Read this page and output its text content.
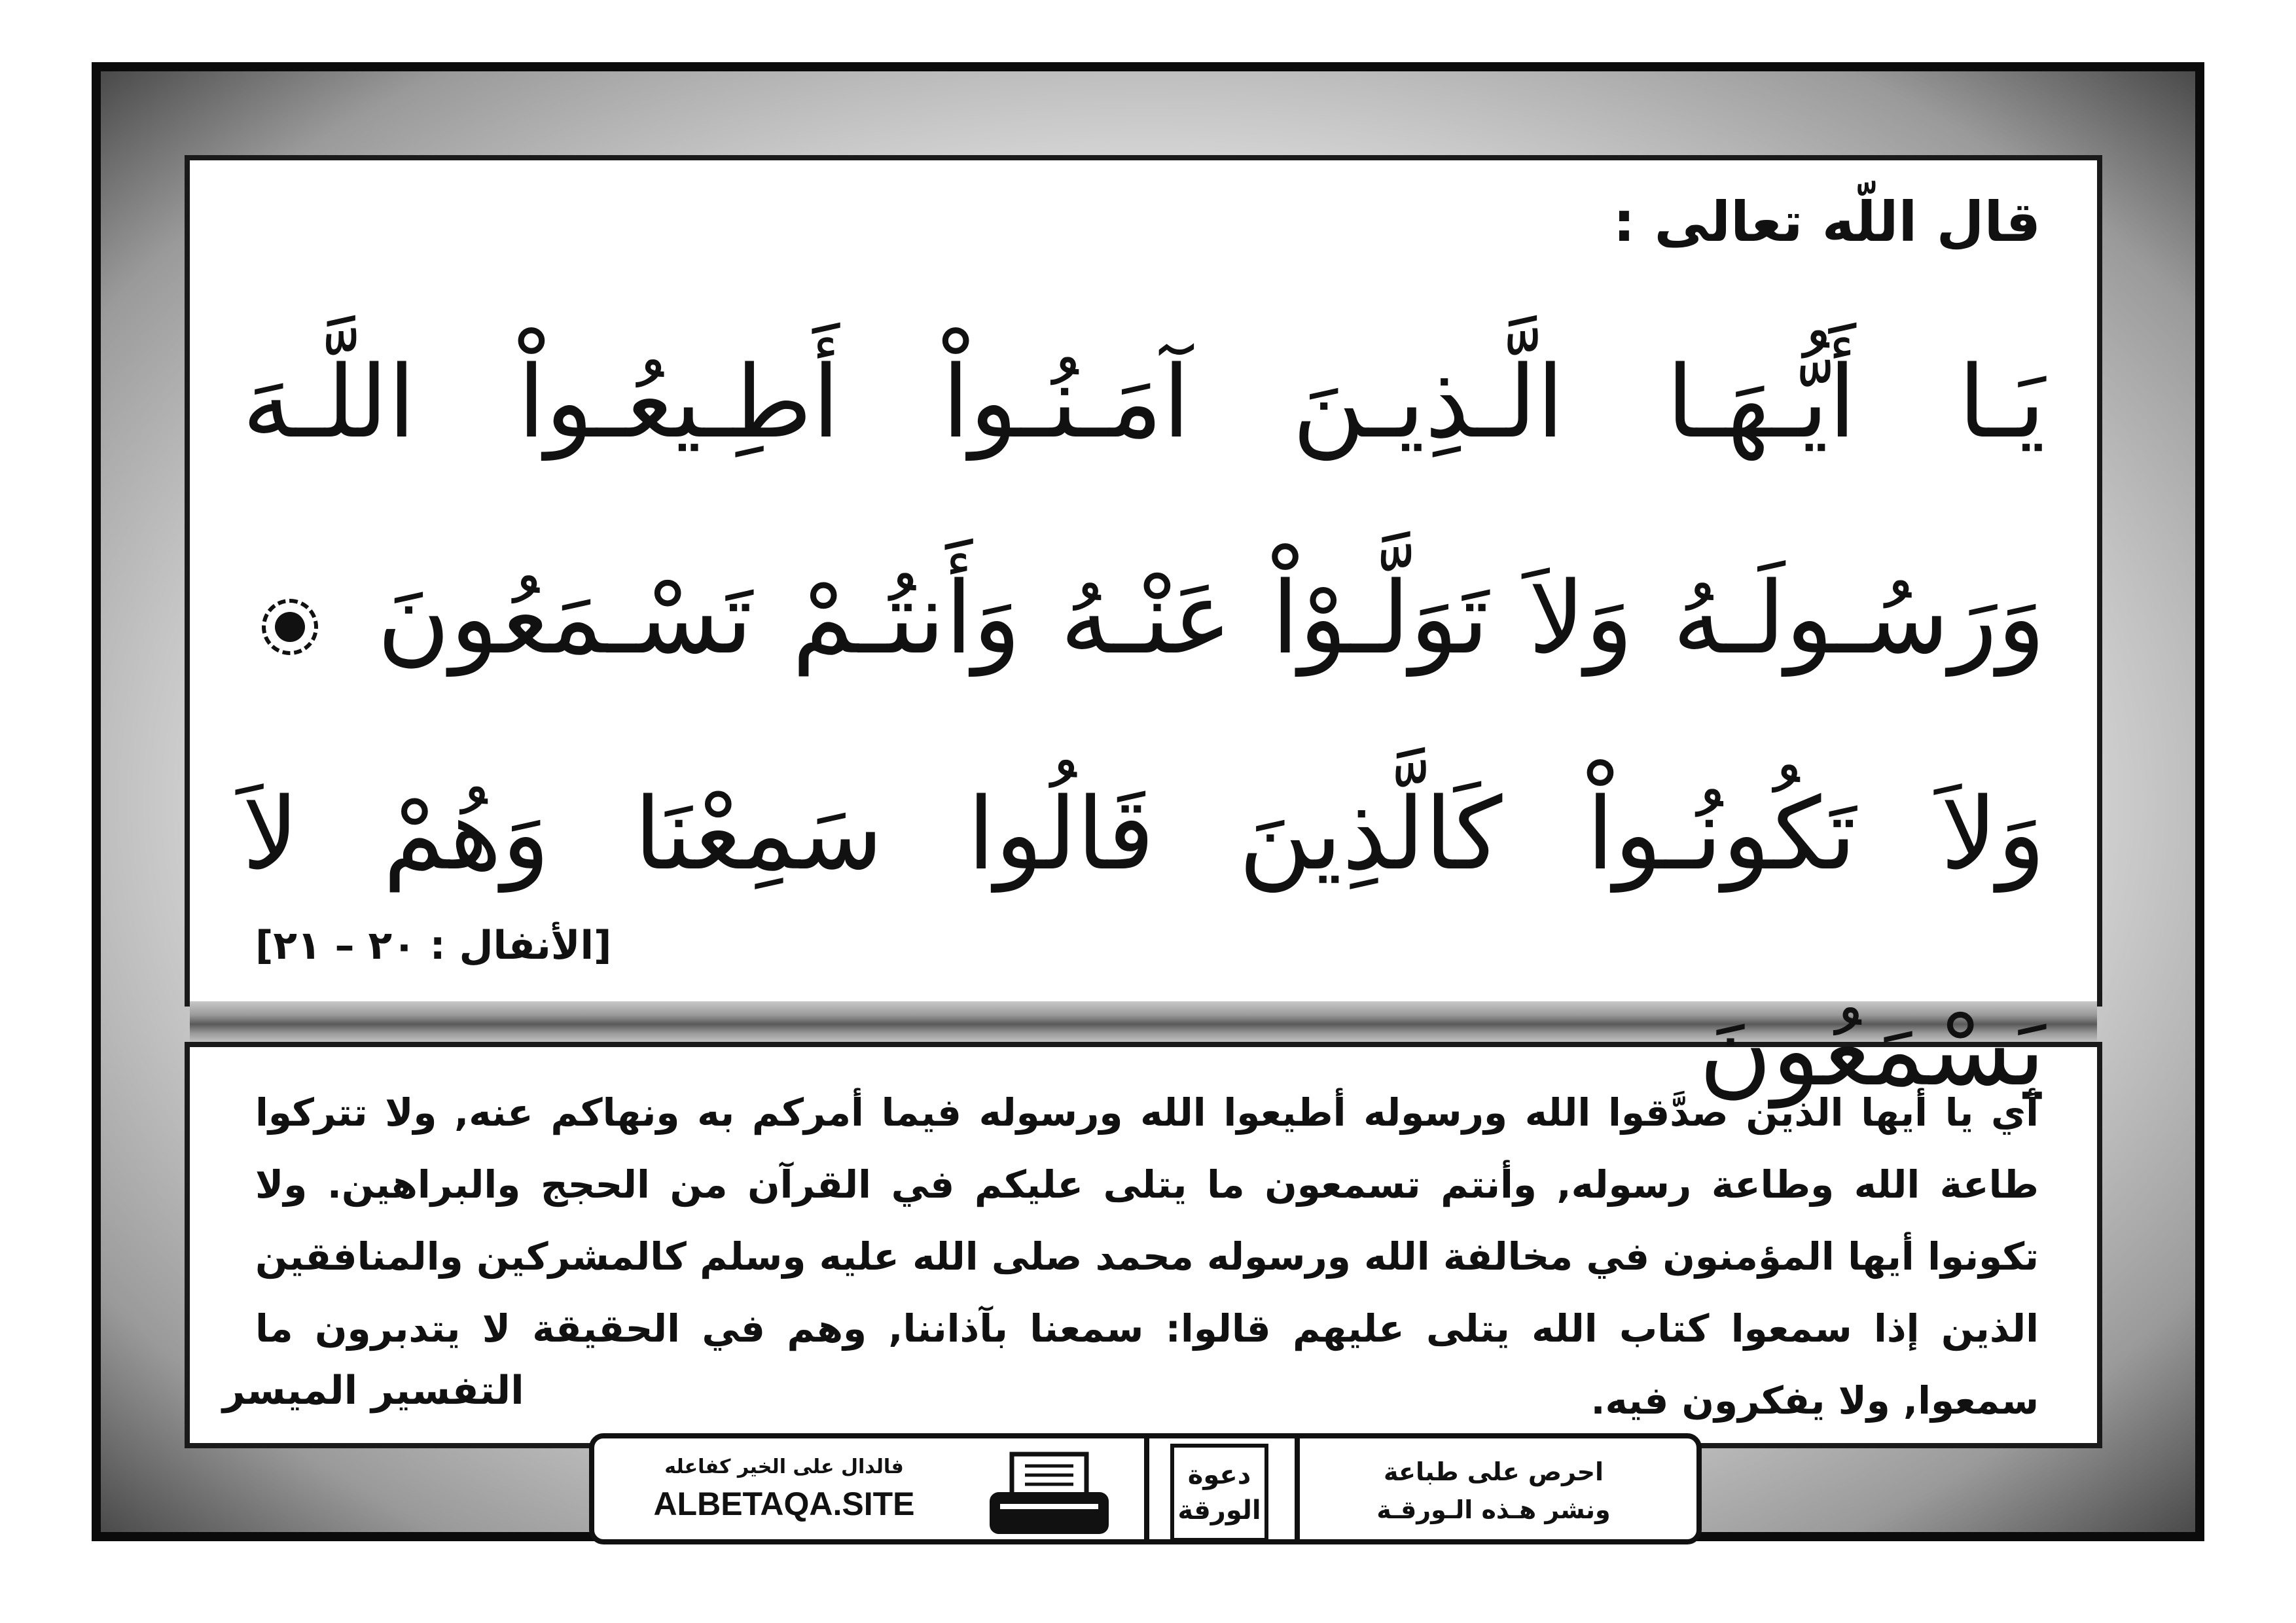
قال اللّه تعالى :
يَـا أَيُّـهَـا الَّـذِيـنَ آمَـنُـواْ أَطِـيعُـواْ اللَّـهَ وَرَسُـولَـهُ وَلاَ تَوَلَّـوْاْ عَنْـهُ وَأَنتُـمْ تَسْـمَعُونَ  وَلاَ تَكُونُـواْ كَالَّذِينَ قَالُوا سَمِعْنَا وَهُمْ لاَ يَسْمَعُونَ
[الأنفال : ٢٠ – ٢١]
أي يا أيها الذين صدَّقوا الله ورسوله أطيعوا الله ورسوله فيما أمركم به ونهاكم عنه, ولا تتركوا طاعة الله وطاعة رسوله, وأنتم تسمعون ما يتلى عليكم في القرآن من الحجج والبراهين. ولا تكونوا أيها المؤمنون في مخالفة الله ورسوله محمد صلى الله عليه وسلم كالمشركين والمنافقين الذين إذا سمعوا كتاب الله يتلى عليهم قالوا: سمعنا بآذاننا, وهم في الحقيقة لا يتدبرون ما سمعوا, ولا يفكرون فيه.
التفسير الميسر
فالدال على الخير كفاعله
ALBETAQA.SITE
دعوة
الورقة
احرص على طباعة
ونشر هـذه الـورقـة
